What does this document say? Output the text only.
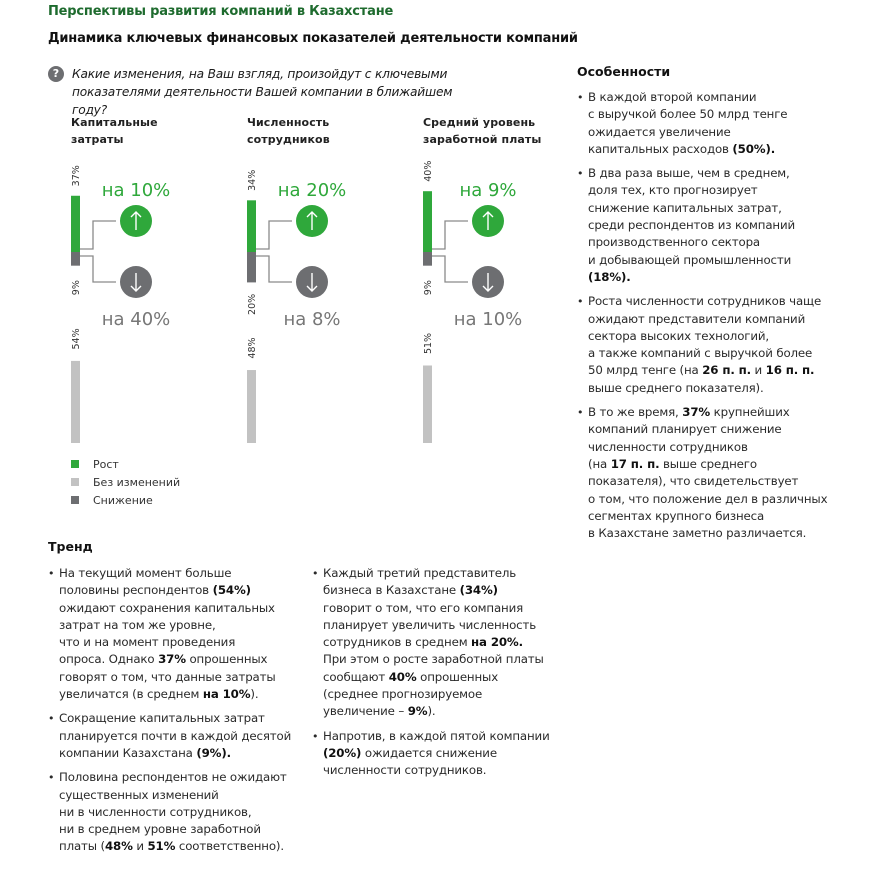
Перспективы развития компаний в Казахстане
Динамика ключевых финансовых показателей деятельности компаний
?	Какие изменения, на Ваш взгляд, произойдут с ключевыми
показателями деятельности Вашей компании в ближайшем году?
Капитальные
затраты
Численность
сотрудников
Средний уровень
заработной платы
37%
9%
54%
на 10%
на 40%
34%
20%
48%
на 20%
на 8%
40%
9%
51%
на 9%
на 10%
Рост
Без изменений
Снижение
Особенности
• В каждой второй компании
с выручкой более 50 млрд тенге
ожидается увеличение
капитальных расходов (50%).
• В два раза выше, чем в среднем,
доля тех, кто прогнозирует
снижение капитальных затрат,
среди респондентов из компаний
производственного сектора
и добывающей промышленности
(18%).
• Роста численности сотрудников чаще
ожидают представители компаний
сектора высоких технологий,
а также компаний с выручкой более
50 млрд тенге (на 26 п. п. и 16 п. п.
выше среднего показателя).
• В то же время, 37% крупнейших
компаний планирует снижение
численности сотрудников
(на 17 п. п. выше среднего
показателя), что свидетельствует
о том, что положение дел в различных
сегментах крупного бизнеса
в Казахстане заметно различается.
Тренд
• На текущий момент больше
половины респондентов (54%)
ожидают сохранения капитальных
затрат на том же уровне,
что и на момент проведения
опроса. Однако 37% опрошенных
говорят о том, что данные затраты
увеличатся (в среднем на 10%).
• Сокращение капитальных затрат
планируется почти в каждой десятой
компании Казахстана (9%).
• Половина респондентов не ожидают
существенных изменений
ни в численности сотрудников,
ни в среднем уровне заработной
платы (48% и 51% соответственно).
• Каждый третий представитель
бизнеса в Казахстане (34%)
говорит о том, что его компания
планирует увеличить численность
сотрудников в среднем на 20%.
При этом о росте заработной платы
сообщают 40% опрошенных
(среднее прогнозируемое
увеличение – 9%).
• Напротив, в каждой пятой компании
(20%) ожидается снижение
численности сотрудников.
